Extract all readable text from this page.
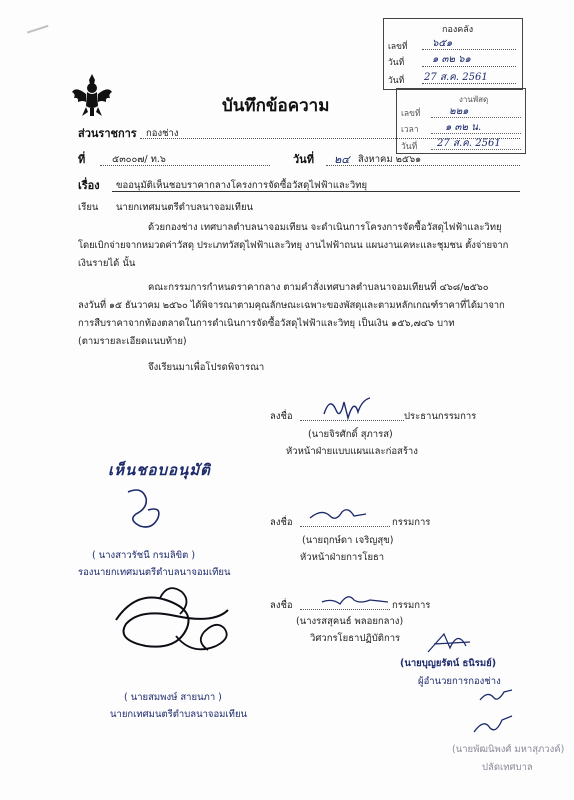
กองคลัง
เลขที่ ๖๕๑
วันที่	๑ ๓๒ ๖๑
วันที่ 27 ส.ค. 2561
งานพัสดุ
เลขที่	๒๒๑
เวลา	๑ ๓๒ น.
วันที่ 27 ส.ค. 2561
บันทึกข้อความ
ส่วนราชการ กองช่าง
ที่	๕๓๐๐๗/ ท.๖	วันที่ ๒๔ สิงหาคม ๒๕๖๑
เรื่อง ขออนุมัติเห็นชอบราคากลางโครงการจัดซื้อวัสดุไฟฟ้าและวิทยุ
เรียน นายกเทศมนตรีตำบลนาจอมเทียน
ด้วยกองช่าง เทศบาลตำบลนาจอมเทียน จะดำเนินการโครงการจัดซื้อวัสดุไฟฟ้าและวิทยุ
โดยเบิกจ่ายจากหมวดค่าวัสดุ ประเภทวัสดุไฟฟ้าและวิทยุ งานไฟฟ้าถนน แผนงานเคหะและชุมชน ตั้งจ่ายจาก
เงินรายได้ นั้น
คณะกรรมการกำหนดราคากลาง ตามคำสั่งเทศบาลตำบลนาจอมเทียนที่ ๔๖๘/๒๕๖๐
ลงวันที่ ๑๕ ธันวาคม ๒๕๖๐ ได้พิจารณาตามคุณลักษณะเฉพาะของพัสดุและตามหลักเกณฑ์ราคาที่ได้มาจาก
การสืบราคาจากท้องตลาดในการดำเนินการจัดซื้อวัสดุไฟฟ้าและวิทยุ เป็นเงิน ๑๕๖,๗๔๖ บาท
(ตามรายละเอียดแนบท้าย)
จึงเรียนมาเพื่อโปรดพิจารณา
ลงชื่อ	ประธานกรรมการ
(นายจิรศักดิ์ สุภารส)
หัวหน้าฝ่ายแบบแผนและก่อสร้าง
ลงชื่อ	กรรมการ
(นายฤกษ์ดา เจริญสุข)
หัวหน้าฝ่ายการโยธา
ลงชื่อ	กรรมการ
(นางรสสุคนธ์ พลอยกลาง)
วิศวกรโยธาปฏิบัติการ
(นายบุญยรัตน์ ธนิรมย์)
ผู้อำนวยการกองช่าง
(นายพัฒนิพงศ์ มหาสุภวงค์)
ปลัดเทศบาล
เห็นชอบอนุมัติ
( นางสาวรัชนี กรมลิขิต )
รองนายกเทศมนตรีตำบลนาจอมเทียน
( นายสมพงษ์ สายนภา )
นายกเทศมนตรีตำบลนาจอมเทียน
